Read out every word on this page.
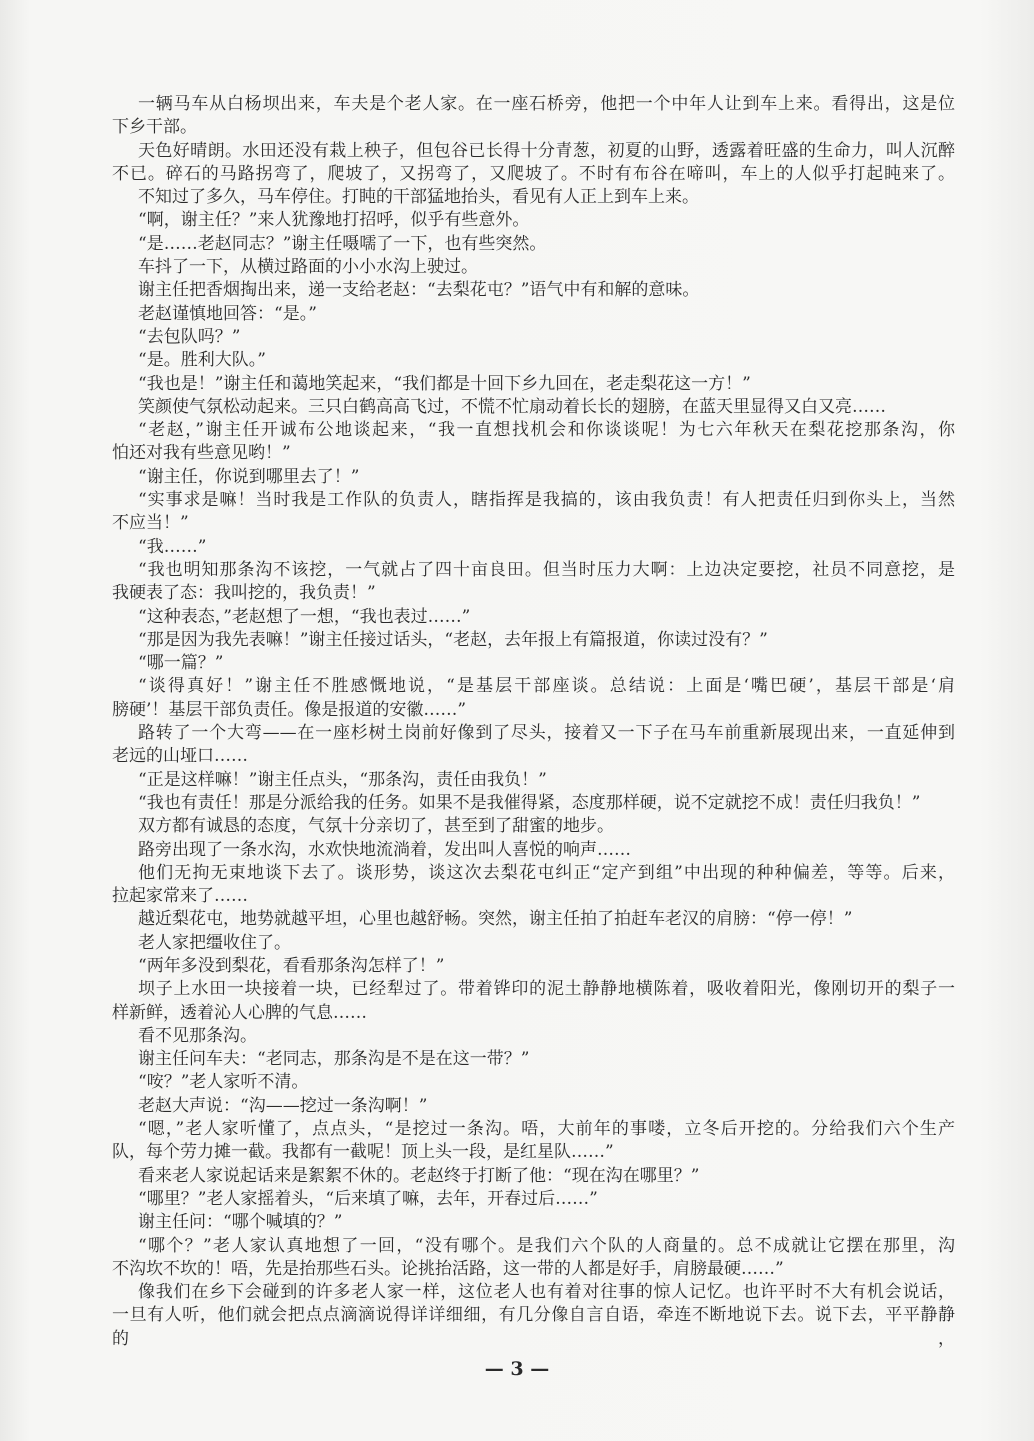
一辆马车从白杨坝出来，车夫是个老人家。在一座石桥旁，他把一个中年人让到车上来。看得出，这是位
下乡干部。
天色好晴朗。水田还没有栽上秧子，但包谷已长得十分青葱，初夏的山野，透露着旺盛的生命力，叫人沉醉
不已。碎石的马路拐弯了，爬坡了，又拐弯了，又爬坡了。不时有布谷在啼叫，车上的人似乎打起盹来了。
不知过了多久，马车停住。打盹的干部猛地抬头，看见有人正上到车上来。
“啊，谢主任？”来人犹豫地打招呼，似乎有些意外。
“是……老赵同志？”谢主任嗫嚅了一下，也有些突然。
车抖了一下，从横过路面的小小水沟上驶过。
谢主任把香烟掏出来，递一支给老赵：“去梨花屯？”语气中有和解的意味。
老赵谨慎地回答：“是。”
“去包队吗？”
“是。胜利大队。”
“我也是！”谢主任和蔼地笑起来，“我们都是十回下乡九回在，老走梨花这一方！”
笑颜使气氛松动起来。三只白鹤高高飞过，不慌不忙扇动着长长的翅膀，在蓝天里显得又白又亮……
“老赵，”谢主任开诚布公地谈起来，“我一直想找机会和你谈谈呢！为七六年秋天在梨花挖那条沟，你
怕还对我有些意见哟！”
“谢主任，你说到哪里去了！”
“实事求是嘛！当时我是工作队的负责人，瞎指挥是我搞的，该由我负责！有人把责任归到你头上，当然
不应当！”
“我……”
“我也明知那条沟不该挖，一气就占了四十亩良田。但当时压力大啊：上边决定要挖，社员不同意挖，是
我硬表了态：我叫挖的，我负责！”
“这种表态，”老赵想了一想，“我也表过……”
“那是因为我先表嘛！”谢主任接过话头，“老赵，去年报上有篇报道，你读过没有？”
“哪一篇？”
“谈得真好！”谢主任不胜感慨地说，“是基层干部座谈。总结说：上面是‘嘴巴硬’，基层干部是‘肩
膀硬’！基层干部负责任。像是报道的安徽……”
路转了一个大弯——在一座杉树土岗前好像到了尽头，接着又一下子在马车前重新展现出来，一直延伸到
老远的山垭口……
“正是这样嘛！”谢主任点头，“那条沟，责任由我负！”
“我也有责任！那是分派给我的任务。如果不是我催得紧，态度那样硬，说不定就挖不成！责任归我负！”
双方都有诚恳的态度，气氛十分亲切了，甚至到了甜蜜的地步。
路旁出现了一条水沟，水欢快地流淌着，发出叫人喜悦的响声……
他们无拘无束地谈下去了。谈形势，谈这次去梨花屯纠正“定产到组”中出现的种种偏差，等等。后来，
拉起家常来了……
越近梨花屯，地势就越平坦，心里也越舒畅。突然，谢主任拍了拍赶车老汉的肩膀：“停一停！”
老人家把缰收住了。
“两年多没到梨花，看看那条沟怎样了！”
坝子上水田一块接着一块，已经犁过了。带着铧印的泥土静静地横陈着，吸收着阳光，像刚切开的梨子一
样新鲜，透着沁人心脾的气息……
看不见那条沟。
谢主任问车夫：“老同志，那条沟是不是在这一带？”
“咹？”老人家听不清。
老赵大声说：“沟——挖过一条沟啊！”
“嗯，”老人家听懂了，点点头，“是挖过一条沟。唔，大前年的事喽，立冬后开挖的。分给我们六个生产
队，每个劳力摊一截。我都有一截呢！顶上头一段，是红星队……”
看来老人家说起话来是絮絮不休的。老赵终于打断了他：“现在沟在哪里？”
“哪里？”老人家摇着头，“后来填了嘛，去年，开春过后……”
谢主任问：“哪个喊填的？”
“哪个？”老人家认真地想了一回，“没有哪个。是我们六个队的人商量的。总不成就让它摆在那里，沟
不沟坎不坎的！唔，先是抬那些石头。论挑抬活路，这一带的人都是好手，肩膀最硬……”
像我们在乡下会碰到的许多老人家一样，这位老人也有着对往事的惊人记忆。也许平时不大有机会说话，
一旦有人听，他们就会把点点滴滴说得详详细细，有几分像自言自语，牵连不断地说下去。说下去，平平静静的，
— 3 —
